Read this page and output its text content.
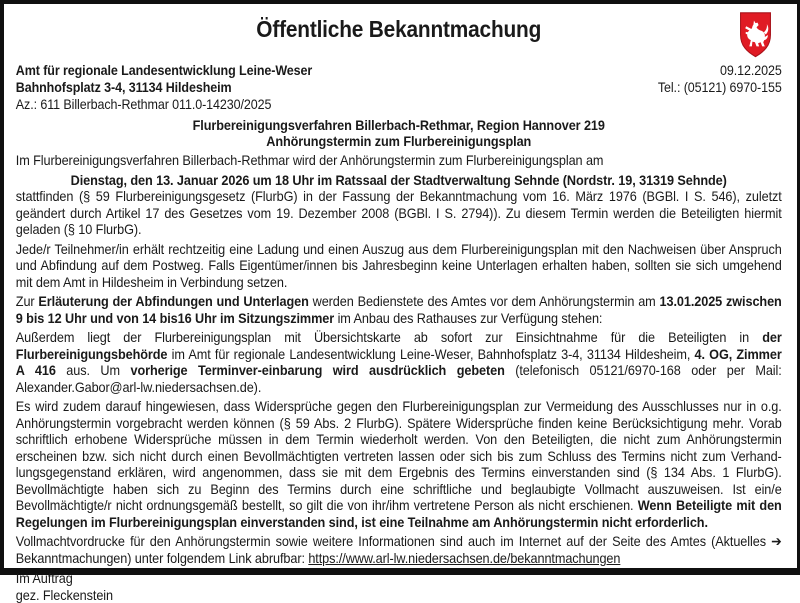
Öffentliche Bekanntmachung
Amt für regionale Landesentwicklung Leine-Weser
Bahnhofsplatz 3-4, 31134 Hildesheim
Az.: 611 Billerbach-Rethmar 011.0-14230/2025
09.12.2025
Tel.: (05121) 6970-155
Flurbereinigungsverfahren Billerbach-Rethmar, Region Hannover 219
Anhörungstermin zum Flurbereinigungsplan

Im Flurbereinigungsverfahren Billerbach-Rethmar wird der Anhörungstermin zum Flurbereinigungsplan am

Dienstag, den 13. Januar 2026 um 18 Uhr im Ratssaal der Stadtverwaltung Sehnde (Nordstr. 19, 31319 Sehnde)

stattfinden (§ 59 Flurbereinigungsgesetz (FlurbG) in der Fassung der Bekanntmachung vom 16. März 1976 (BGBl. I S. 546), zuletzt geändert durch Artikel 17 des Gesetzes vom 19. Dezember 2008 (BGBl. I S. 2794)). Zu diesem Termin werden die Beteiligten hiermit geladen (§ 10 FlurbG).

Jede/r Teilnehmer/in erhält rechtzeitig eine Ladung und einen Auszug aus dem Flurbereinigungsplan mit den Nachweisen über Anspruch und Abfindung auf dem Postweg. Falls Eigentümer/innen bis Jahresbeginn keine Unterlagen erhalten haben, sollten sie sich umgehend mit dem Amt in Hildesheim in Verbindung setzen.

Zur Erläuterung der Abfindungen und Unterlagen werden Bedienstete des Amtes vor dem Anhörungstermin am 13.01.2025 zwischen 9 bis 12 Uhr und von 14 bis16 Uhr im Sitzungszimmer im Anbau des Rathauses zur Verfügung stehen:

Außerdem liegt der Flurbereinigungsplan mit Übersichtskarte ab sofort zur Einsichtnahme für die Beteiligten in der Flurbereinigungsbehörde im Amt für regionale Landesentwicklung Leine-Weser, Bahnhofsplatz 3-4, 31134 Hildesheim, 4. OG, Zimmer A 416 aus. Um vorherige Terminver-einbarung wird ausdrücklich gebeten (telefonisch 05121/6970-168 oder per Mail: Alexander.Gabor@arl-lw.niedersachsen.de).

Es wird zudem darauf hingewiesen, dass Widersprüche gegen den Flurbereinigungsplan zur Vermeidung des Ausschlusses nur in o.g. Anhörungstermin vorgebracht werden können (§ 59 Abs. 2 FlurbG). Spätere Widersprüche finden keine Berücksichtigung mehr. Vorab schriftlich erhobene Widersprüche müssen in dem Termin wiederholt werden. Von den Beteiligten, die nicht zum Anhörungstermin erscheinen bzw. sich nicht durch einen Bevollmächtigten vertreten lassen oder sich bis zum Schluss des Termins nicht zum Verhand-lungsgegenstand erklären, wird angenommen, dass sie mit dem Ergebnis des Termins einverstanden sind (§ 134 Abs. 1 FlurbG). Bevollmächtigte haben sich zu Beginn des Termins durch eine schriftliche und beglaubigte Vollmacht auszuweisen. Ist ein/e Bevollmächtigte/r nicht ordnungsgemäß bestellt, so gilt die von ihr/ihm vertretene Person als nicht erschienen. Wenn Beteiligte mit den Regelungen im Flurbereinigungsplan einverstanden sind, ist eine Teilnahme am Anhörungstermin nicht erforderlich.

Vollmachtvordrucke für den Anhörungstermin sowie weitere Informationen sind auch im Internet auf der Seite des Amtes (Aktuelles ➔ Bekanntmachungen) unter folgendem Link abrufbar: https://www.arl-lw.niedersachsen.de/bekanntmachungen

Im Auftrag
gez. Fleckenstein
